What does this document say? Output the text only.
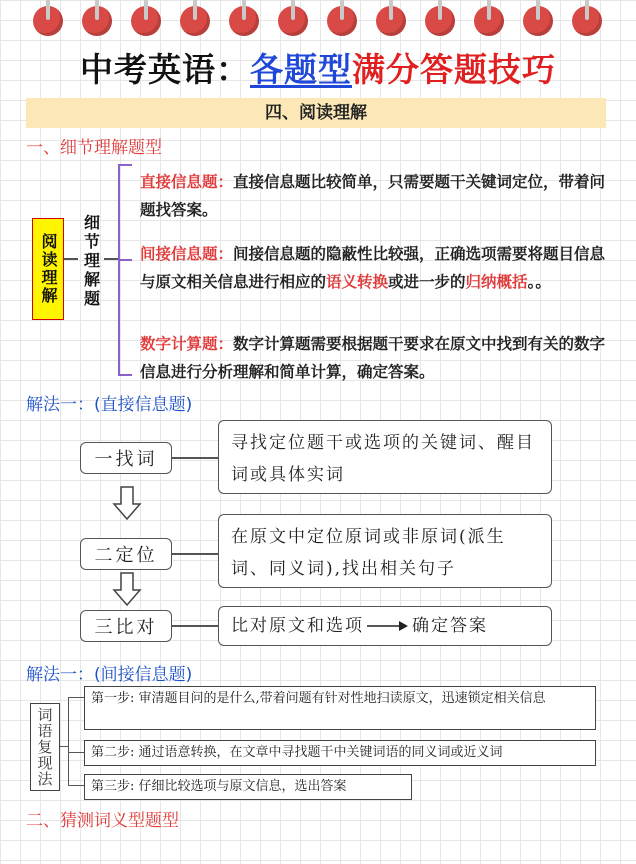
中考英语：各题型满分答题技巧
四、阅读理解
一、细节理解题型
阅读理解	细节理解题
直接信息题：直接信息题比较简单，只需要题干关键词定位，带着问题找答案。
间接信息题：间接信息题的隐蔽性比较强，正确选项需要将题目信息与原文相关信息进行相应的语义转换或进一步的归纳概括。。
数字计算题：数字计算题需要根据题干要求在原文中找到有关的数字信息进行分析理解和简单计算，确定答案。
解法一：(直接信息题)
一找词
寻找定位题干或选项的关键词、醒目词或具体实词
二定位
在原文中定位原词或非原词(派生词、同义词),找出相关句子
三比对	比对原文和选项	确定答案
解法一：(间接信息题)
词语复现法
第一步: 审清题目问的是什么,带着问题有针对性地扫读原文，迅速锁定相关信息
第二步: 通过语意转换，在文章中寻找题干中关键词语的同义词或近义词
第三步: 仔细比较选项与原文信息，选出答案
二、猜测词义型题型
